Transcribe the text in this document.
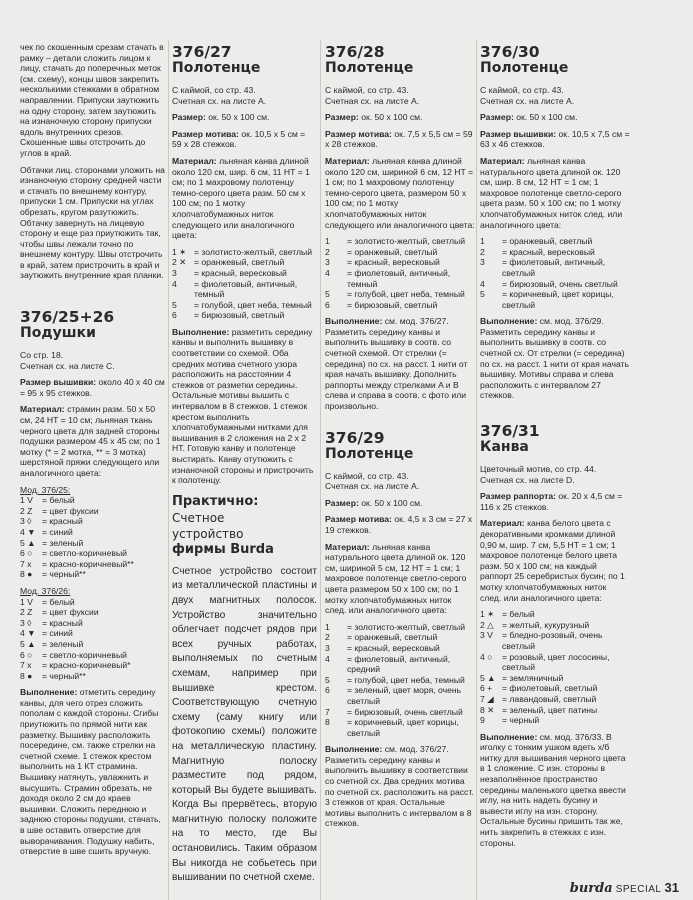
чек по скошенным срезам стачать в рамку – детали сложить лицом к лицу, стачать до поперечных меток (см. схему), концы швов закрепить несколькими стежками в обратном направлении. Припуски заутюжить на одну сторону, затем заутюжить на изнаночную сторону припуски вдоль внутренних срезов. Скошенные швы отстрочить до углов в край.

Обтачки лиц. сторонами уложить на изнаночную сторону средней части и стачать по внешнему контуру, припуски 1 см. Припуски на углах обрезать, кругом разутюжить. Обтачку завернуть на лицевую сторону и еще раз приутюжить так, чтобы швы лежали точно по внешнему контуру. Швы отстрочить в край, затем пристрочить в край и заутюжить внутренние края планки.

376/25+26
Подушки
Со стр. 18.

Счетная сх. на листе C.

Размер вышивки: около 40 x 40 см = 95 x 95 стежков.

Материал: страмин разм. 50 x 50 см, 24 НТ = 10 см; льняная ткань черного цвета для задней стороны подушки размером 45 x 45 см; по 1 мотку (* = 2 мотка, ** = 3 мотка) шерстяной пряжи следующего или аналогичного цвета:

Мод. 376/25:
1 V	= белый
2 Z	= цвет фуксии
3 ◊	= красный
4 ▼ = синий
5 ▲ = зеленый
6 ○	= светло-коричневый
7 x	= красно-коричневый**
8 ●	= черный**
Мод. 376/26:
1 V	= белый
2 Z	= цвет фуксии
3 ◊	= красный
4 ▼ = синий
5 ▲ = зеленый
6 ○	= светло-коричневый
7 x	= красно-коричневый*
8 ●	= черный**

Выполнение: отметить середину канвы, для чего отрез сложить пополам с каждой стороны. Сгибы приутюжить по прямой нити как разметку. Вышивку расположить посередине, см. также стрелки на счетной схеме. 1 стежок крестом выполнить на 1 КТ страмина. Вышивку натянуть, увлажнить и высушить. Страмин обрезать, не доходя около 2 см до краев вышивки. Сложить переднюю и заднюю стороны подушки, стачать, в шве оставить отверстие для выворачивания. Подушку набить, отверстие в шве сшить вручную.

376/27
Полотенце
С каймой, со стр. 43.

Счетная сх. на листе A.

Размер: ок. 50 x 100 см.

Размер мотива: ок. 10,5 x 5 см = 59 x 28 стежков.

Материал: льняная канва длиной около 120 см, шир. 6 см, 11 НТ = 1 см; по 1 махровому полотенцу темно-серого цвета разм. 50 см x 100 см; по 1 мотку хлопчатобумажных ниток следующего или аналогичного цвета:

1 ✶ = золотисто-желтый, светлый
2 ✕ = оранжевый, светлый
3	= красный, вересковый
4	= фиолетовый, античный, темный
5	= голубой, цвет неба, темный
6	= бирюзовый, светлый

Выполнение: разметить середину канвы и выполнить вышивку в соответствии со схемой. Оба средних мотива счетного узора расположить на расстоянии 4 стежков от разметки середины. Остальные мотивы вышить с интервалом в 8 стежков. 1 стежок крестом выполнить хлопчатобумажными нитками для вышивания в 2 сложения на 2 x 2 НТ. Готовую канву и полотенце выстирать. Канву отутюжить с изнаночной стороны и пристрочить к полотенцу.

Практично:
Счетное
устройство
фирмы Burda
Счетное устройство состоит из металлической пластины и двух магнитных полосок. Устройство значительно облегчает подсчет рядов при всех ручных работах, выполняемых по счетным схемам, например при вышивке крестом. Соответствующую счетную схему (саму книгу или фотокопию схемы) положите на металлическую пластину. Магнитную полоску разместите под рядом, который Вы будете вышивать. Когда Вы прервётесь, вторую магнитную полоску положите на то место, где Вы остановились. Таким образом Вы никогда не собьетесь при вышивании по счетной схеме.
376/28
Полотенце
С каймой, со стр. 43.

Счетная сх. на листе A.

Размер: ок. 50 x 100 см.

Размер мотива: ок. 7,5 x 5,5 см = 59 x 28 стежков.

Материал: льняная канва длиной около 120 см, шириной 6 см, 12 НТ = 1 см; по 1 махровому полотенцу темно-серого цвета, размером 50 x 100 см; по 1 мотку хлопчатобумажных ниток следующего или аналогичного цвета:

1	= золотисто-желтый, светлый
2	= оранжевый, светлый
3	= красный, вересковый
4	= фиолетовый, античный, темный
5	= голубой, цвет неба, темный
6	= бирюзовый, светлый

Выполнение: см. мод. 376/27. Разметить середину канвы и выполнить вышивку в соотв. со счетной схемой. От стрелки (= середина) по сх. на расст. 1 нити от края начать вышивку. Дополнить раппорты между стрелками A и B слева и справа в соотв. с фото или произвольно.

376/29
Полотенце
С каймой, со стр. 43.

Счетная сх. на листе A.

Размер: ок. 50 x 100 см.

Размер мотива: ок. 4,5 x 3 см = 27 x 19 стежков.

Материал: льняная канва натурального цвета длиной ок. 120 см, шириной 5 см, 12 НТ = 1 см; 1 махровое полотенце светло-серого цвета размером 50 x 100 см; по 1 мотку хлопчатобумажных ниток след. или аналогичного цвета:

1	= золотисто-желтый, светлый
2	= оранжевый, светлый
3	= красный, вересковый
4	= фиолетовый, античный, средний
5	= голубой, цвет неба, темный
6	= зеленый, цвет моря, очень светлый
7	= бирюзовый, очень светлый
8	= коричневый, цвет корицы, светлый

Выполнение: см. мод. 376/27. Разметить середину канвы и выполнить вышивку в соответствии со счетной сх. Два средних мотива по счетной сх. расположить на расст. 3 стежков от края. Остальные мотивы выполнить с интервалом в 8 стежков.

376/30
Полотенце
С каймой, со стр. 43.

Счетная сх. на листе A.

Размер: ок. 50 x 100 см.

Размер вышивки: ок. 10,5 x 7,5 см = 63 x 46 стежков.

Материал: льняная канва натурального цвета длиной ок. 120 см, шир. 8 см, 12 НТ = 1 см; 1 махровое полотенце светло-серого цвета разм. 50 x 100 см; по 1 мотку хлопчатобумажных ниток след. или аналогичного цвета:

1	= оранжевый, светлый
2	= красный, вересковый
3	= фиолетовый, античный, светлый
4	= бирюзовый, очень светлый
5	= коричневый, цвет корицы, светлый

Выполнение: см. мод. 376/29. Разметить середину канвы и выполнить вышивку в соотв. со счетной сх. От стрелки (= середина) по сх. на расст. 1 нити от края начать вышивку. Мотивы справа и слева расположить с интервалом 27 стежков.

376/31
Канва
Цветочный мотив, со стр. 44.

Счетная сх. на листе D.

Размер раппорта: ок. 20 x 4,5 см = 116 x 25 стежков.

Материал: канва белого цвета с декоративными кромками длиной 0,90 м, шир. 7 см, 5,5 НТ = 1 см; 1 махровое полотенце белого цвета разм. 50 x 100 см; на каждый раппорт 25 серебристых бусин; по 1 мотку хлопчатобумажных ниток след. или аналогичного цвета:

1 ✶ = белый
2 △ = желтый, кукурузный
3 V	= бледно-розовый, очень светлый
4 ○	= розовый, цвет лососины, светлый
5 ▲ = земляничный
6 +	= фиолетовый, светлый
7 ◢ = лавандовый, светлый
8 ✕ = зеленый, цвет патины
9	= черный

Выполнение: см. мод. 376/33. В иголку с тонким ушком вдеть х/б нитку для вышивания черного цвета в 1 сложение. С изн. стороны в незаполнённое пространство середины маленького цветка ввести иглу, на нить надеть бусину и вывести иглу на изн. сторону. Остальные бусины пришить так же, нить закрепить в стежках с изн. стороны.

burda SPECIAL 31
